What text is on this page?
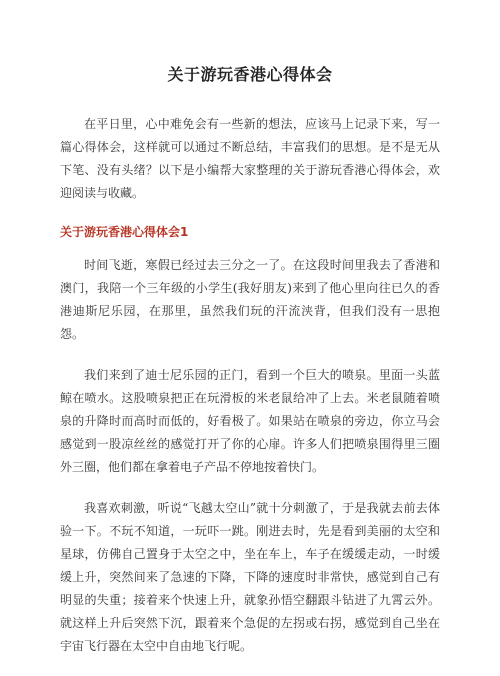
关于游玩香港心得体会

在平日里，心中难免会有一些新的想法，应该马上记录下来，写一篇心得体会，这样就可以通过不断总结，丰富我们的思想。是不是无从下笔、没有头绪？以下是小编帮大家整理的关于游玩香港心得体会，欢迎阅读与收藏。

关于游玩香港心得体会1

时间飞逝，寒假已经过去三分之一了。在这段时间里我去了香港和澳门，我陪一个三年级的小学生(我好朋友)来到了他心里向往已久的香港迪斯尼乐园，在那里，虽然我们玩的汗流浃背，但我们没有一思抱怨。

我们来到了迪士尼乐园的正门，看到一个巨大的喷泉。里面一头蓝鲸在喷水。这股喷泉把正在玩滑板的米老鼠给冲了上去。米老鼠随着喷泉的升降时而高时而低的，好看极了。如果站在喷泉的旁边，你立马会感觉到一股凉丝丝的感觉打开了你的心扉。许多人们把喷泉围得里三圈外三圈，他们都在拿着电子产品不停地按着快门。

我喜欢刺激，听说“飞越太空山”就十分刺激了，于是我就去前去体验一下。不玩不知道，一玩吓一跳。刚进去时，先是看到美丽的太空和星球，仿佛自己置身于太空之中，坐在车上，车子在缓缓走动，一时缓缓上升，突然间来了急速的下降，下降的速度时非常快，感觉到自己有明显的失重；接着来个快速上升，就象孙悟空翻跟斗钻进了九霄云外。就这样上升后突然下沉，跟着来个急促的左拐或右拐，感觉到自己坐在宇宙飞行器在太空中自由地飞行呢。
